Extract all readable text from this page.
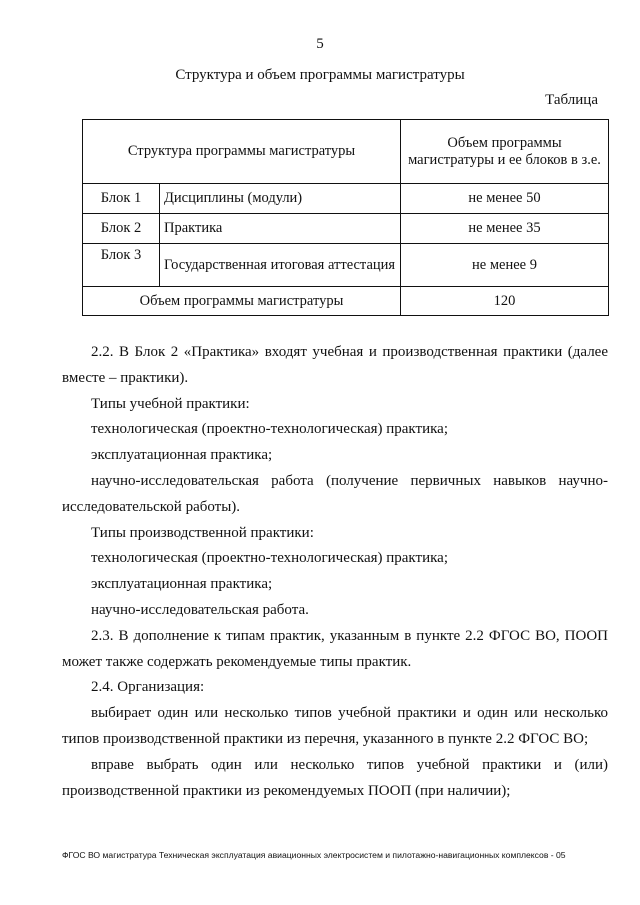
5
Структура и объем программы магистратуры
Таблица
Структура программы магистратуры		Объем программы магистратуры и ее блоков в з.е.
Блок 1	Дисциплины (модули)	не менее 50
Блок 2	Практика	не менее 35
Блок 3	Государственная итоговая аттестация	не менее 9
Объем программы магистратуры		120

2.2. В Блок 2 «Практика» входят учебная и производственная практики (далее вместе – практики).

Типы учебной практики:

технологическая (проектно-технологическая) практика;

эксплуатационная практика;

научно-исследовательская работа (получение первичных навыков научно-исследовательской работы).

Типы производственной практики:

технологическая (проектно-технологическая) практика;

эксплуатационная практика;

научно-исследовательская работа.

2.3. В дополнение к типам практик, указанным в пункте 2.2 ФГОС ВО, ПООП может также содержать рекомендуемые типы практик.

2.4. Организация:

выбирает один или несколько типов учебной практики и один или несколько типов производственной практики из перечня, указанного в пункте 2.2 ФГОС ВО;

вправе выбрать один или несколько типов учебной практики и (или) производственной практики из рекомендуемых ПООП (при наличии);

ФГОС ВО магистратура Техническая эксплуатация авиационных электросистем и пилотажно-навигационных комплексов - 05
